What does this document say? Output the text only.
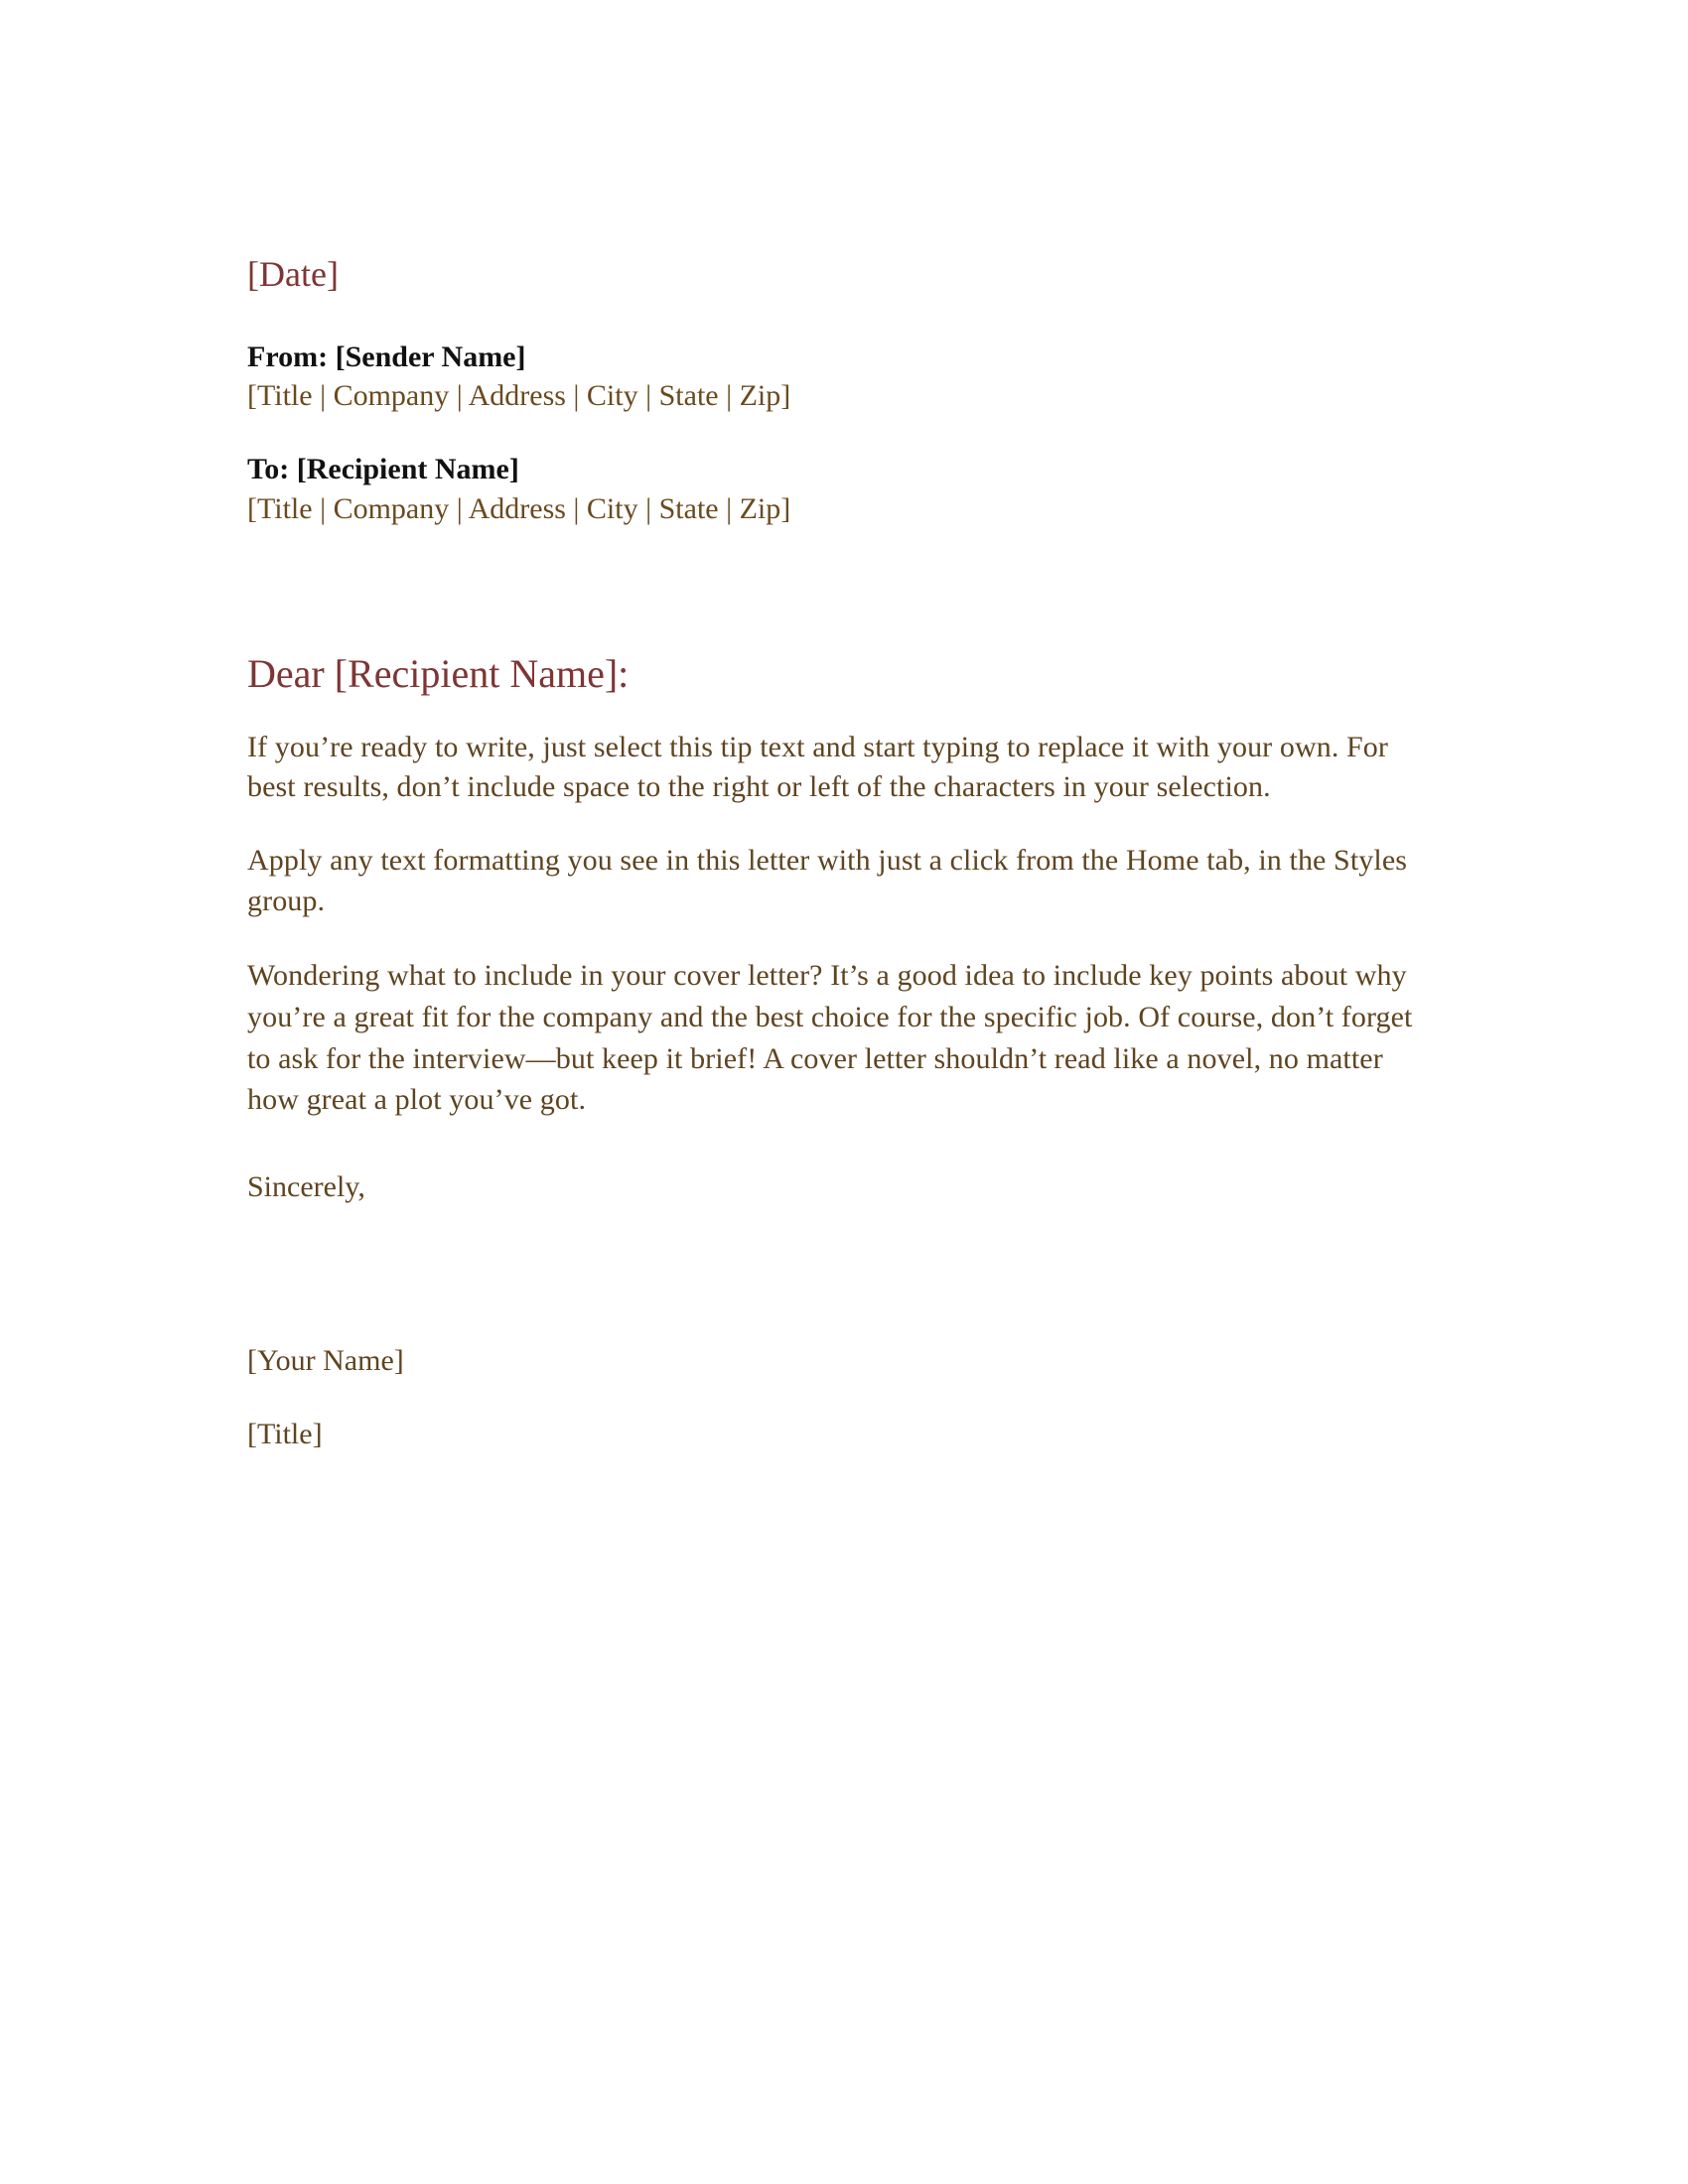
[Date]
From: [Sender Name]
[Title | Company | Address | City | State | Zip]
To: [Recipient Name]
[Title | Company | Address | City | State | Zip]
Dear [Recipient Name]:
If you’re ready to write, just select this tip text and start typing to replace it with your own. For
best results, don’t include space to the right or left of the characters in your selection.
Apply any text formatting you see in this letter with just a click from the Home tab, in the Styles
group.
Wondering what to include in your cover letter? It’s a good idea to include key points about why
you’re a great fit for the company and the best choice for the specific job. Of course, don’t forget
to ask for the interview—but keep it brief! A cover letter shouldn’t read like a novel, no matter
how great a plot you’ve got.
Sincerely,
[Your Name]
[Title]
